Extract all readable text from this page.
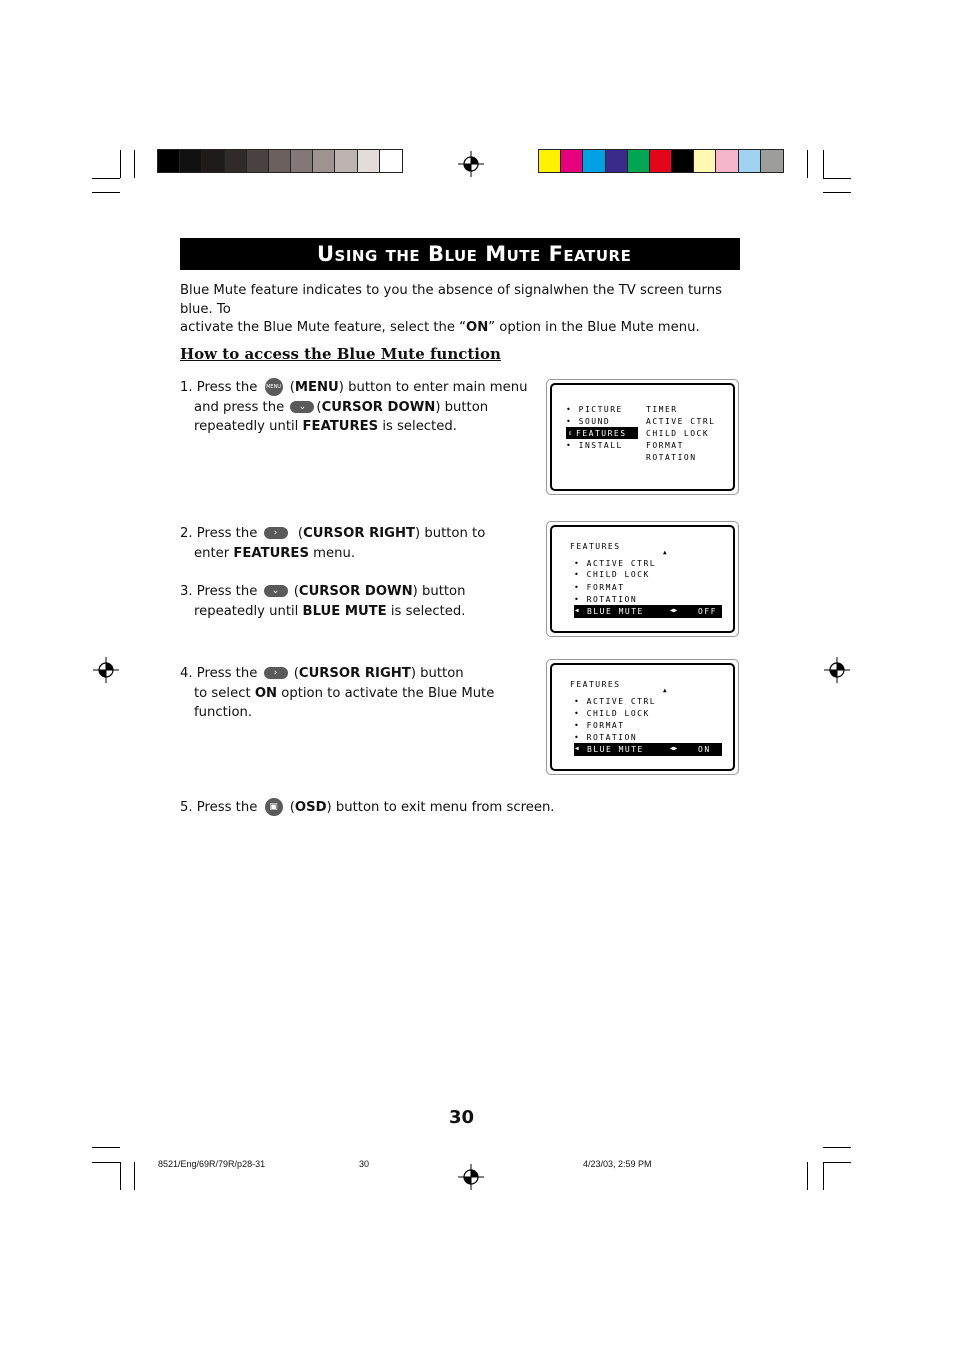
Using the Blue Mute Feature
Blue Mute feature indicates to you the absence of signalwhen the TV screen turns blue. To
activate the Blue Mute feature, select the “ON” option in the Blue Mute menu.
How to access the Blue Mute function
1. Press the MENU (MENU) button to enter main menu
and press the ⌄ (CURSOR DOWN) button
repeatedly until FEATURES is selected.
2. Press the › (CURSOR RIGHT) button to
enter FEATURES menu.
3. Press the ⌄ (CURSOR DOWN) button
repeatedly until BLUE MUTE is selected.
4. Press the › (CURSOR RIGHT) button
to select ON option to activate the Blue Mute
function.
5. Press the ▣ (OSD) button to exit menu from screen.
• PICTURE
• SOUND
⇕ FEATURES
• INSTALL
TIMER
ACTIVE CTRL
CHILD LOCK
FORMAT
ROTATION
FEATURES
▲
• ACTIVE CTRL
• CHILD LOCK
• FORMAT
• ROTATION
◀ BLUE MUTE	◀▶	OFF
FEATURES
▲
• ACTIVE CTRL
• CHILD LOCK
• FORMAT
• ROTATION
◀ BLUE MUTE	◀▶	ON
30
8521/Eng/69R/79R/p28-31	30	4/23/03, 2:59 PM
